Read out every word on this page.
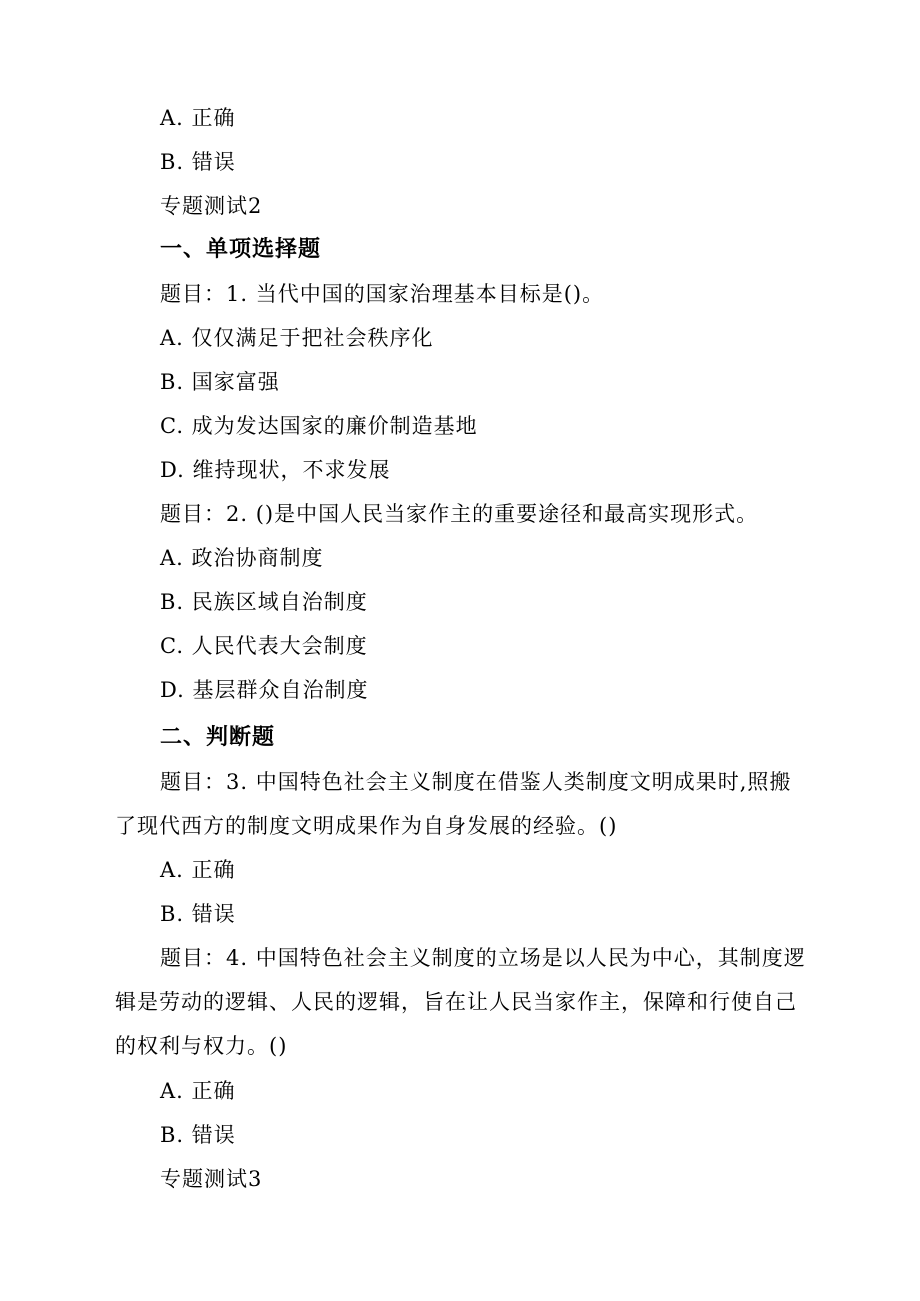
A. 正确
B. 错误
专题测试2
一、单项选择题
题目：1. 当代中国的国家治理基本目标是()。
A. 仅仅满足于把社会秩序化
B. 国家富强
C. 成为发达国家的廉价制造基地
D. 维持现状，不求发展
题目：2. ()是中国人民当家作主的重要途径和最高实现形式。
A. 政治协商制度
B. 民族区域自治制度
C. 人民代表大会制度
D. 基层群众自治制度
二、判断题
题目：3. 中国特色社会主义制度在借鉴人类制度文明成果时,照搬
了现代西方的制度文明成果作为自身发展的经验。()
A. 正确
B. 错误
题目：4. 中国特色社会主义制度的立场是以人民为中心，其制度逻
辑是劳动的逻辑、人民的逻辑，旨在让人民当家作主，保障和行使自己
的权利与权力。()
A. 正确
B. 错误
专题测试3
